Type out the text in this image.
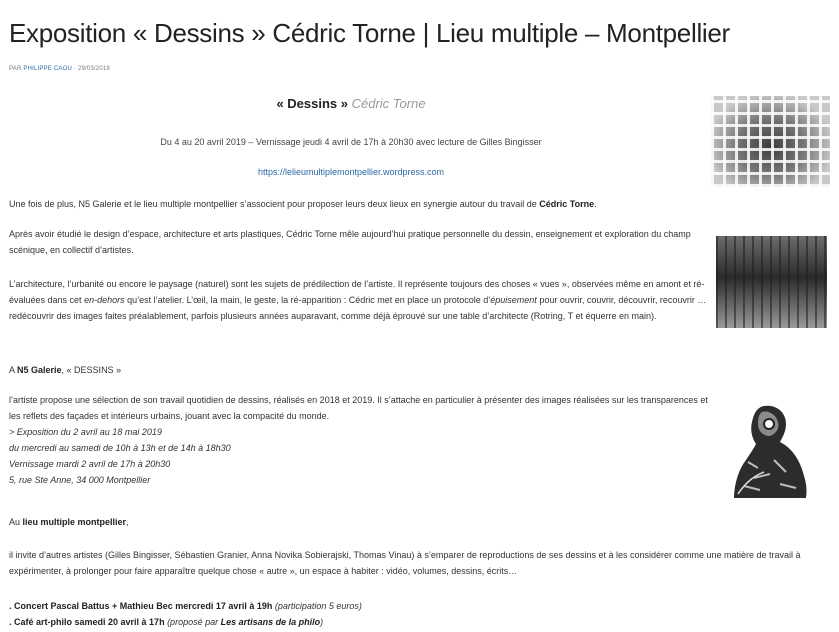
Exposition « Dessins » Cédric Torne | Lieu multiple – Montpellier
PAR PHILIPPE CAOU · 29/03/2019
« Dessins » Cédric Torne
Du 4 au 20 avril 2019 – Vernissage jeudi 4 avril de 17h à 20h30 avec lecture de Gilles Bingisser
https://lelieumultiplemontpellier.wordpress.com
Une fois de plus, N5 Galerie et le lieu multiple montpellier s’associent pour proposer leurs deux lieux en synergie autour du travail de Cédric Torne.
Après avoir étudié le design d’espace, architecture et arts plastiques, Cédric Torne mêle aujourd’hui pratique personnelle du dessin, enseignement et exploration du champ scénique, en collectif d’artistes.
L’architecture, l’urbanité ou encore le paysage (naturel) sont les sujets de prédilection de l’artiste. Il représente toujours des choses « vues », observées même en amont et ré-évaluées dans cet en-dehors qu’est l’atelier. L’œil, la main, le geste, la ré-apparition : Cédric met en place un protocole d’épuisement pour ouvrir, couvrir, découvrir, recouvrir … redécouvrir des images faites préalablement, parfois plusieurs années auparavant, comme déjà éprouvé sur une table d’architecte (Rotring, T et équerre en main).
A N5 Galerie, « DESSINS »
l’artiste propose une sélection de son travail quotidien de dessins, réalisés en 2018 et 2019. Il s’attache en particulier à présenter des images réalisées sur les transparences et les reflets des façades et intérieurs urbains, jouant avec la compacité du monde.
> Exposition du 2 avril au 18 mai 2019
du mercredi au samedi de 10h à 13h et de 14h à 18h30
Vernissage mardi 2 avril de 17h à 20h30
5, rue Ste Anne, 34 000 Montpellier
Au lieu multiple montpellier,
il invite d’autres artistes (Gilles Bingisser, Sébastien Granier, Anna Novika Sobierajski, Thomas Vinau) à s’emparer de reproductions de ses dessins et à les considérer comme une matière de travail à expérimenter, à prolonger pour faire apparaître quelque chose « autre », un espace à habiter : vidéo, volumes, dessins, écrits…
. Concert Pascal Battus + Mathieu Bec mercredi 17 avril à 19h (participation 5 euros)
. Café art-philo samedi 20 avril à 17h (proposé par Les artisans de la philo)
